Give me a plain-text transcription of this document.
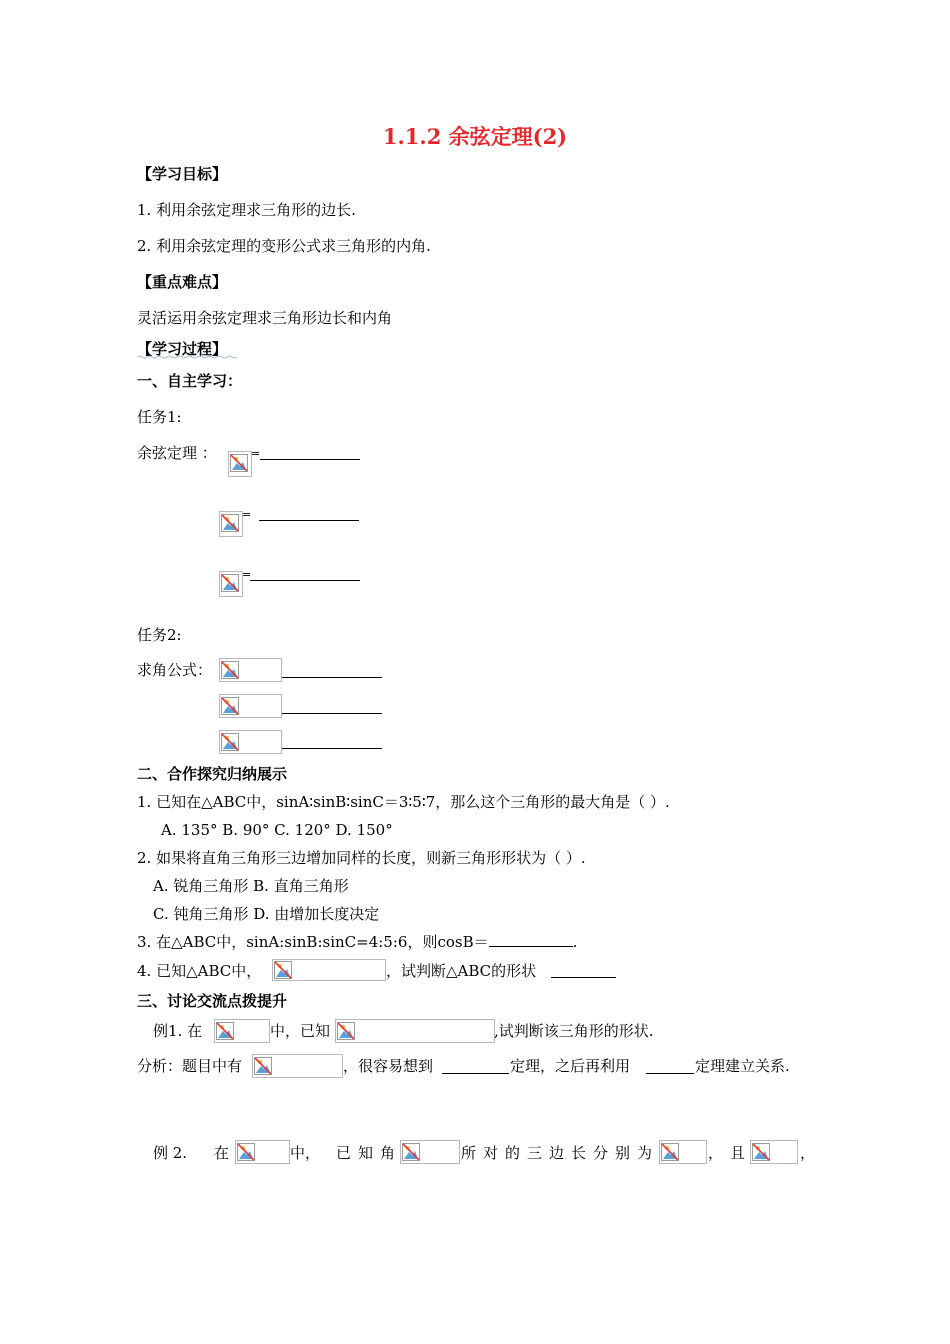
1.1.2 余弦定理(2)
【学习目标】
1. 利用余弦定理求三角形的边长.
2. 利用余弦定理的变形公式求三角形的内角.
【重点难点】
灵活运用余弦定理求三角形边长和内角
【学习过程】
一、自主学习：
任务1:
余弦定理 ：	=
=
=
任务2:
求角公式：
二、合作探究归纳展示
1. 已知在△ABC中，sinA∶sinB∶sinC＝3∶5∶7，那么这个三角形的最大角是（ ）.
A. 135° B. 90° C. 120° D. 150°
2. 如果将直角三角形三边增加同样的长度，则新三角形形状为（ ）.
A. 锐角三角形 B. 直角三角形
C. 钝角三角形 D. 由增加长度决定
3. 在△ABC中，sinA:sinB:sinC=4:5:6，则cosB＝	.
4. 已知△ABC中，	，试判断△ABC的形状
三、讨论交流点拨提升
例1. 在	中，已知	,试判断该三角形的形状.
分析：题目中有	，很容易想到	定理，之后再利用	定理建立关系.
例 2. 在	中， 已 知 角	所 对 的 三 边 长 分 别 为	， 且	，
